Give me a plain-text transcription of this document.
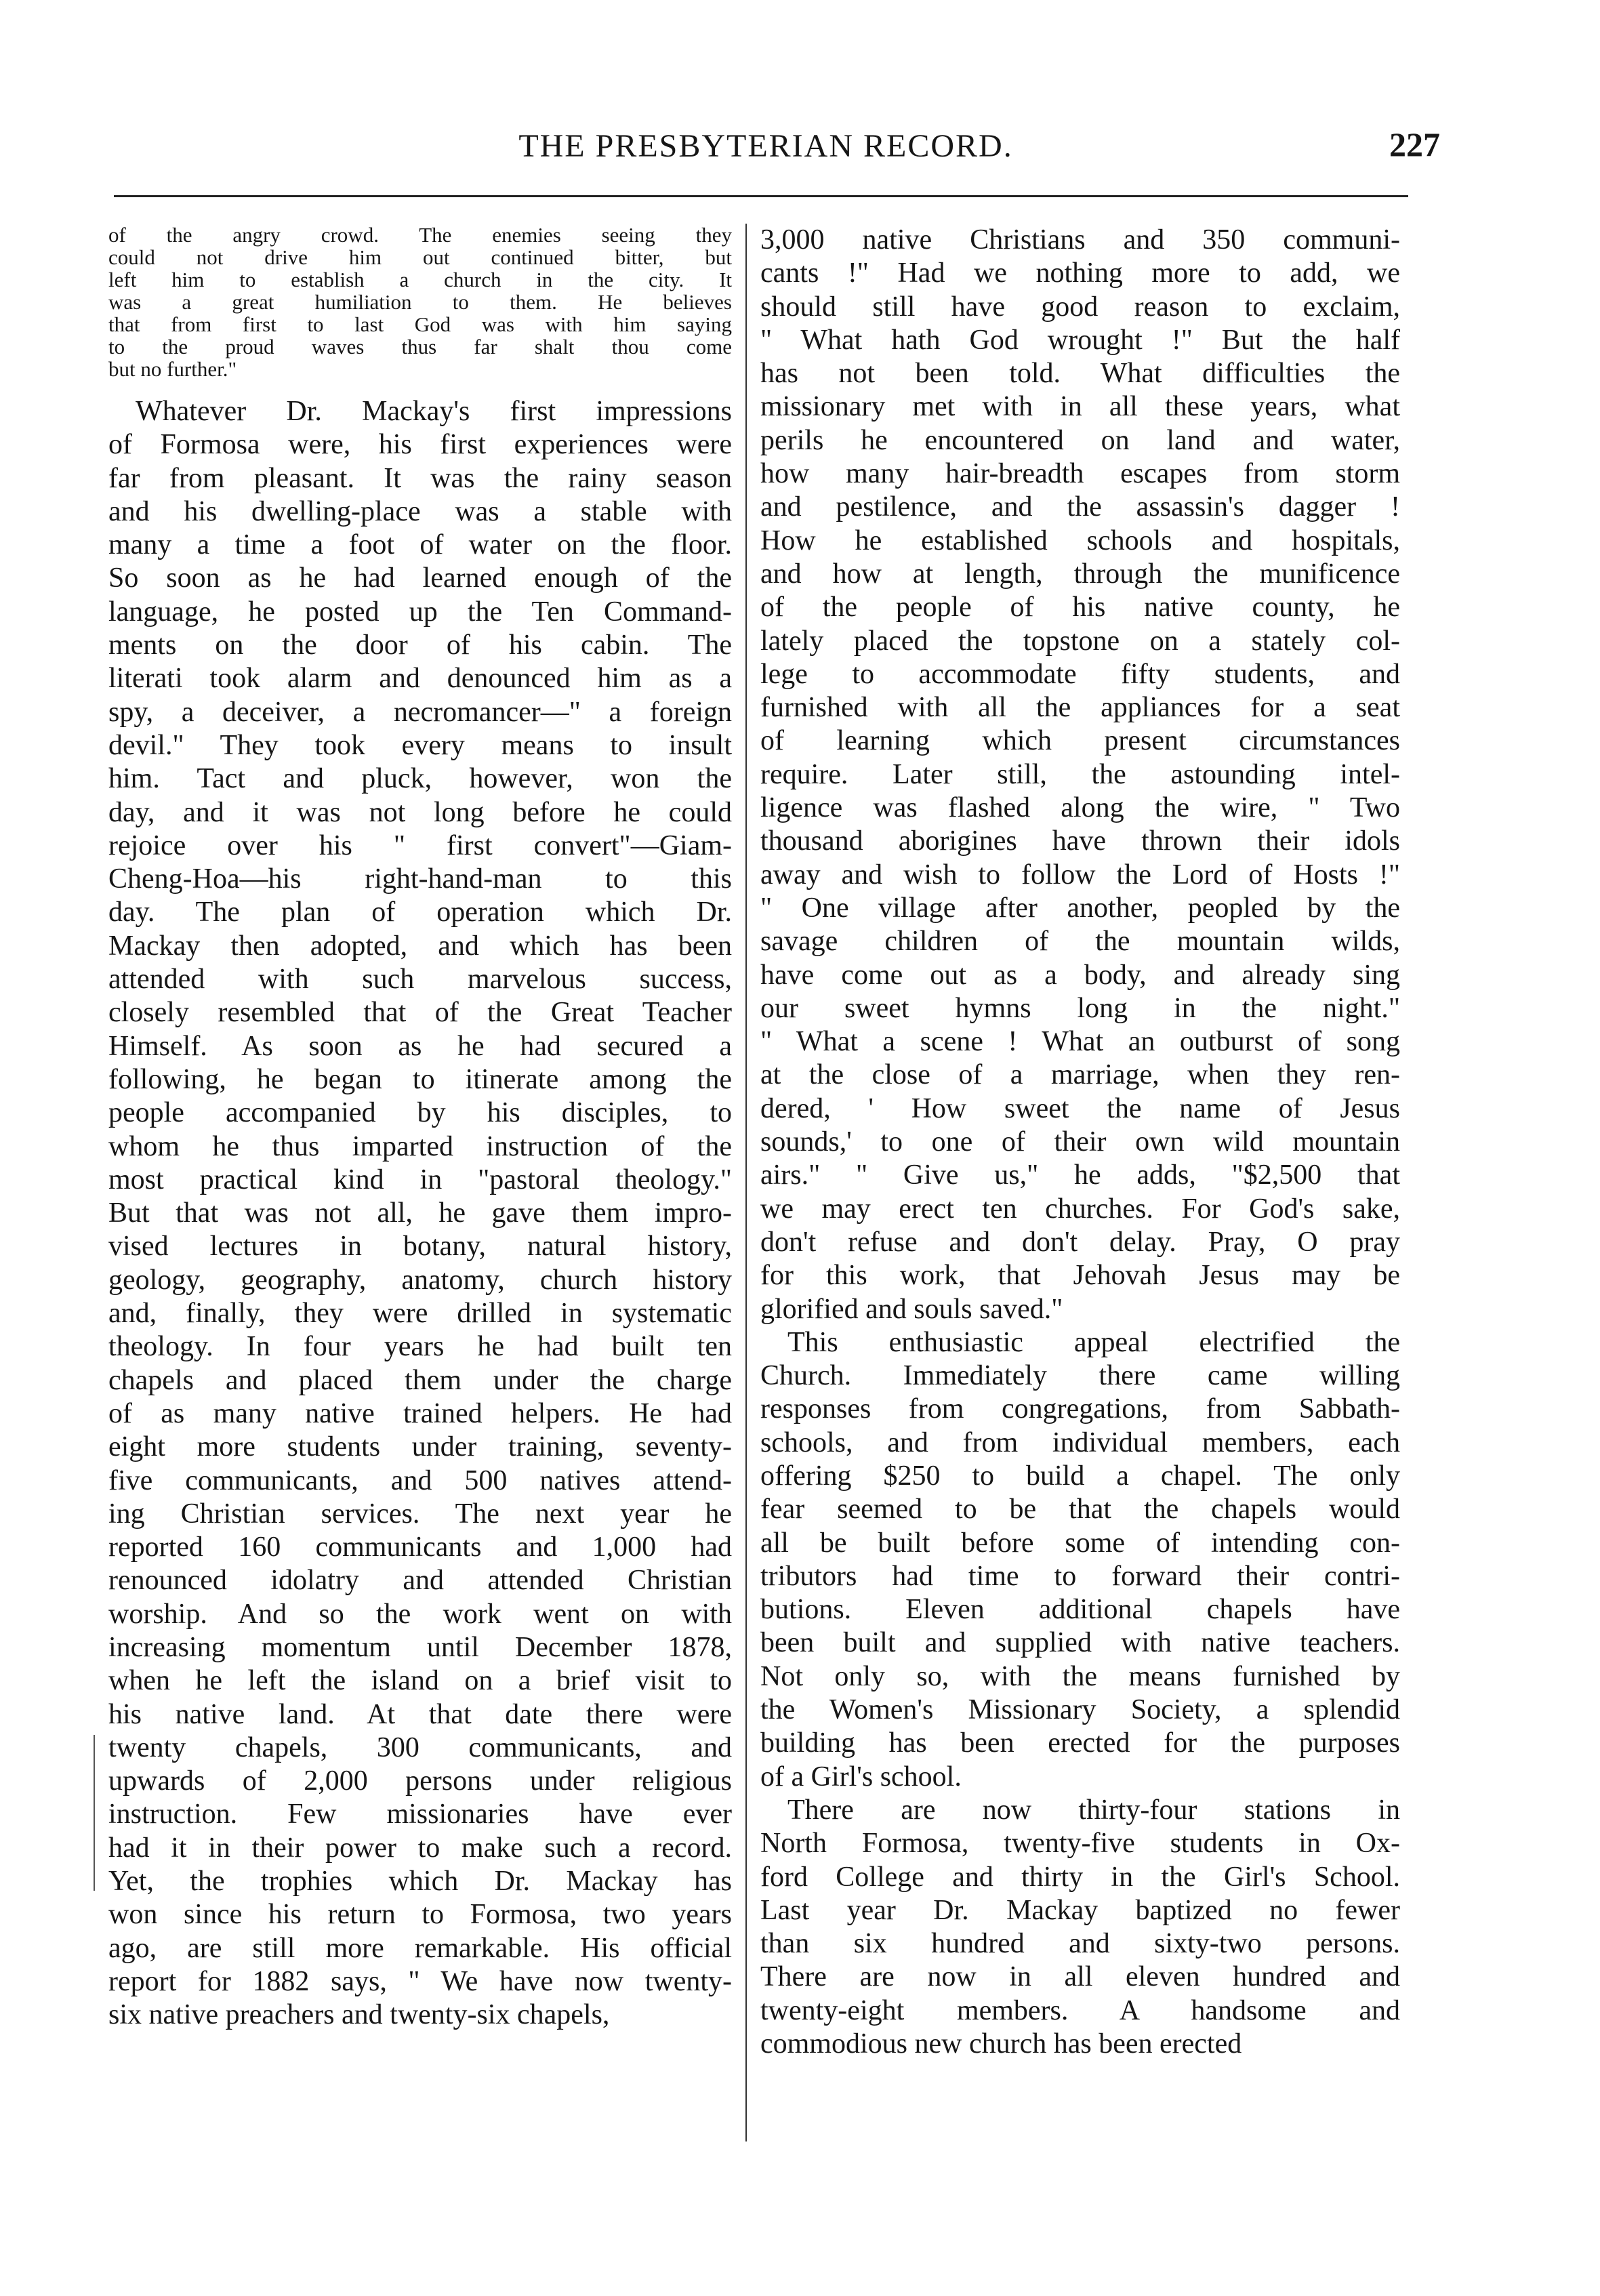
THE PRESBYTERIAN RECORD.	227
of the angry crowd. The enemies seeing they
could not drive him out continued bitter, but
left him to establish a church in the city. It
was a great humiliation to them. He believes
that from first to last God was with him saying
to the proud waves thus far shalt thou come
but no further."
Whatever Dr. Mackay's first impressions
of Formosa were, his first experiences were
far from pleasant. It was the rainy season
and his dwelling-place was a stable with
many a time a foot of water on the floor.
So soon as he had learned enough of the
language, he posted up the Ten Command-
ments on the door of his cabin. The
literati took alarm and denounced him as a
spy, a deceiver, a necromancer—" a foreign
devil." They took every means to insult
him. Tact and pluck, however, won the
day, and it was not long before he could
rejoice over his " first convert"—Giam-
Cheng-Hoa—his right-hand-man to this
day. The plan of operation which Dr.
Mackay then adopted, and which has been
attended with such marvelous success,
closely resembled that of the Great Teacher
Himself. As soon as he had secured a
following, he began to itinerate among the
people accompanied by his disciples, to
whom he thus imparted instruction of the
most practical kind in "pastoral theology."
But that was not all, he gave them impro-
vised lectures in botany, natural history,
geology, geography, anatomy, church history
and, finally, they were drilled in systematic
theology. In four years he had built ten
chapels and placed them under the charge
of as many native trained helpers. He had
eight more students under training, seventy-
five communicants, and 500 natives attend-
ing Christian services. The next year he
reported 160 communicants and 1,000 had
renounced idolatry and attended Christian
worship. And so the work went on with
increasing momentum until December 1878,
when he left the island on a brief visit to
his native land. At that date there were
twenty chapels, 300 communicants, and
upwards of 2,000 persons under religious
instruction. Few missionaries have ever
had it in their power to make such a record.
Yet, the trophies which Dr. Mackay has
won since his return to Formosa, two years
ago, are still more remarkable. His official
report for 1882 says, " We have now twenty-
six native preachers and twenty-six chapels,
3,000 native Christians and 350 communi-
cants !" Had we nothing more to add, we
should still have good reason to exclaim,
" What hath God wrought !" But the half
has not been told. What difficulties the
missionary met with in all these years, what
perils he encountered on land and water,
how many hair-breadth escapes from storm
and pestilence, and the assassin's dagger !
How he established schools and hospitals,
and how at length, through the munificence
of the people of his native county, he
lately placed the topstone on a stately col-
lege to accommodate fifty students, and
furnished with all the appliances for a seat
of learning which present circumstances
require. Later still, the astounding intel-
ligence was flashed along the wire, " Two
thousand aborigines have thrown their idols
away and wish to follow the Lord of Hosts !"
" One village after another, peopled by the
savage children of the mountain wilds,
have come out as a body, and already sing
our sweet hymns long in the night."
" What a scene ! What an outburst of song
at the close of a marriage, when they ren-
dered, ' How sweet the name of Jesus
sounds,' to one of their own wild mountain
airs." " Give us," he adds, "$2,500 that
we may erect ten churches. For God's sake,
don't refuse and don't delay. Pray, O pray
for this work, that Jehovah Jesus may be
glorified and souls saved."
This enthusiastic appeal electrified the
Church. Immediately there came willing
responses from congregations, from Sabbath-
schools, and from individual members, each
offering $250 to build a chapel. The only
fear seemed to be that the chapels would
all be built before some of intending con-
tributors had time to forward their contri-
butions. Eleven additional chapels have
been built and supplied with native teachers.
Not only so, with the means furnished by
the Women's Missionary Society, a splendid
building has been erected for the purposes
of a Girl's school.
There are now thirty-four stations in
North Formosa, twenty-five students in Ox-
ford College and thirty in the Girl's School.
Last year Dr. Mackay baptized no fewer
than six hundred and sixty-two persons.
There are now in all eleven hundred and
twenty-eight members. A handsome and
commodious new church has been erected
